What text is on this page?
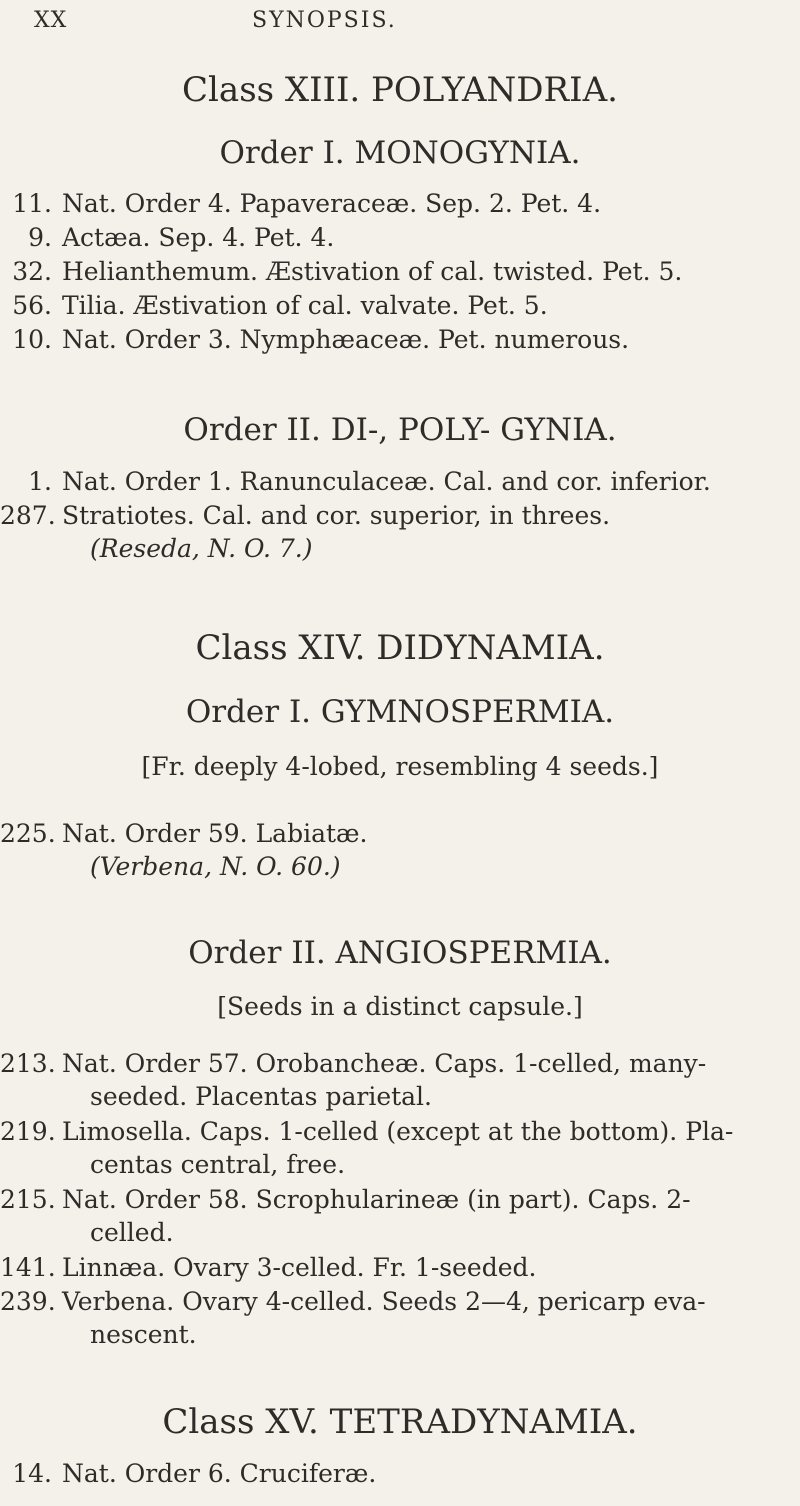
XX	SYNOPSIS.
Class XIII. POLYANDRIA.
Order I. MONOGYNIA.
11. Nat. Order 4. Papaveraceæ. Sep. 2. Pet. 4.
9. Actæa. Sep. 4. Pet. 4.
32. Helianthemum. Æstivation of cal. twisted. Pet. 5.
56. Tilia. Æstivation of cal. valvate. Pet. 5.
10. Nat. Order 3. Nymphæaceæ. Pet. numerous.
Order II. DI-, POLY- GYNIA.
1. Nat. Order 1. Ranunculaceæ. Cal. and cor. inferior.
287. Stratiotes. Cal. and cor. superior, in threes.
(Reseda, N. O. 7.)
Class XIV. DIDYNAMIA.
Order I. GYMNOSPERMIA.
[Fr. deeply 4-lobed, resembling 4 seeds.]
225. Nat. Order 59. Labiatæ.
(Verbena, N. O. 60.)
Order II. ANGIOSPERMIA.
[Seeds in a distinct capsule.]
213. Nat. Order 57. Orobancheæ. Caps. 1-celled, many-
seeded. Placentas parietal.
219. Limosella. Caps. 1-celled (except at the bottom). Pla-
centas central, free.
215. Nat. Order 58. Scrophularineæ (in part). Caps. 2-
celled.
141. Linnæa. Ovary 3-celled. Fr. 1-seeded.
239. Verbena. Ovary 4-celled. Seeds 2—4, pericarp eva-
nescent.
Class XV. TETRADYNAMIA.
14. Nat. Order 6. Cruciferæ.
